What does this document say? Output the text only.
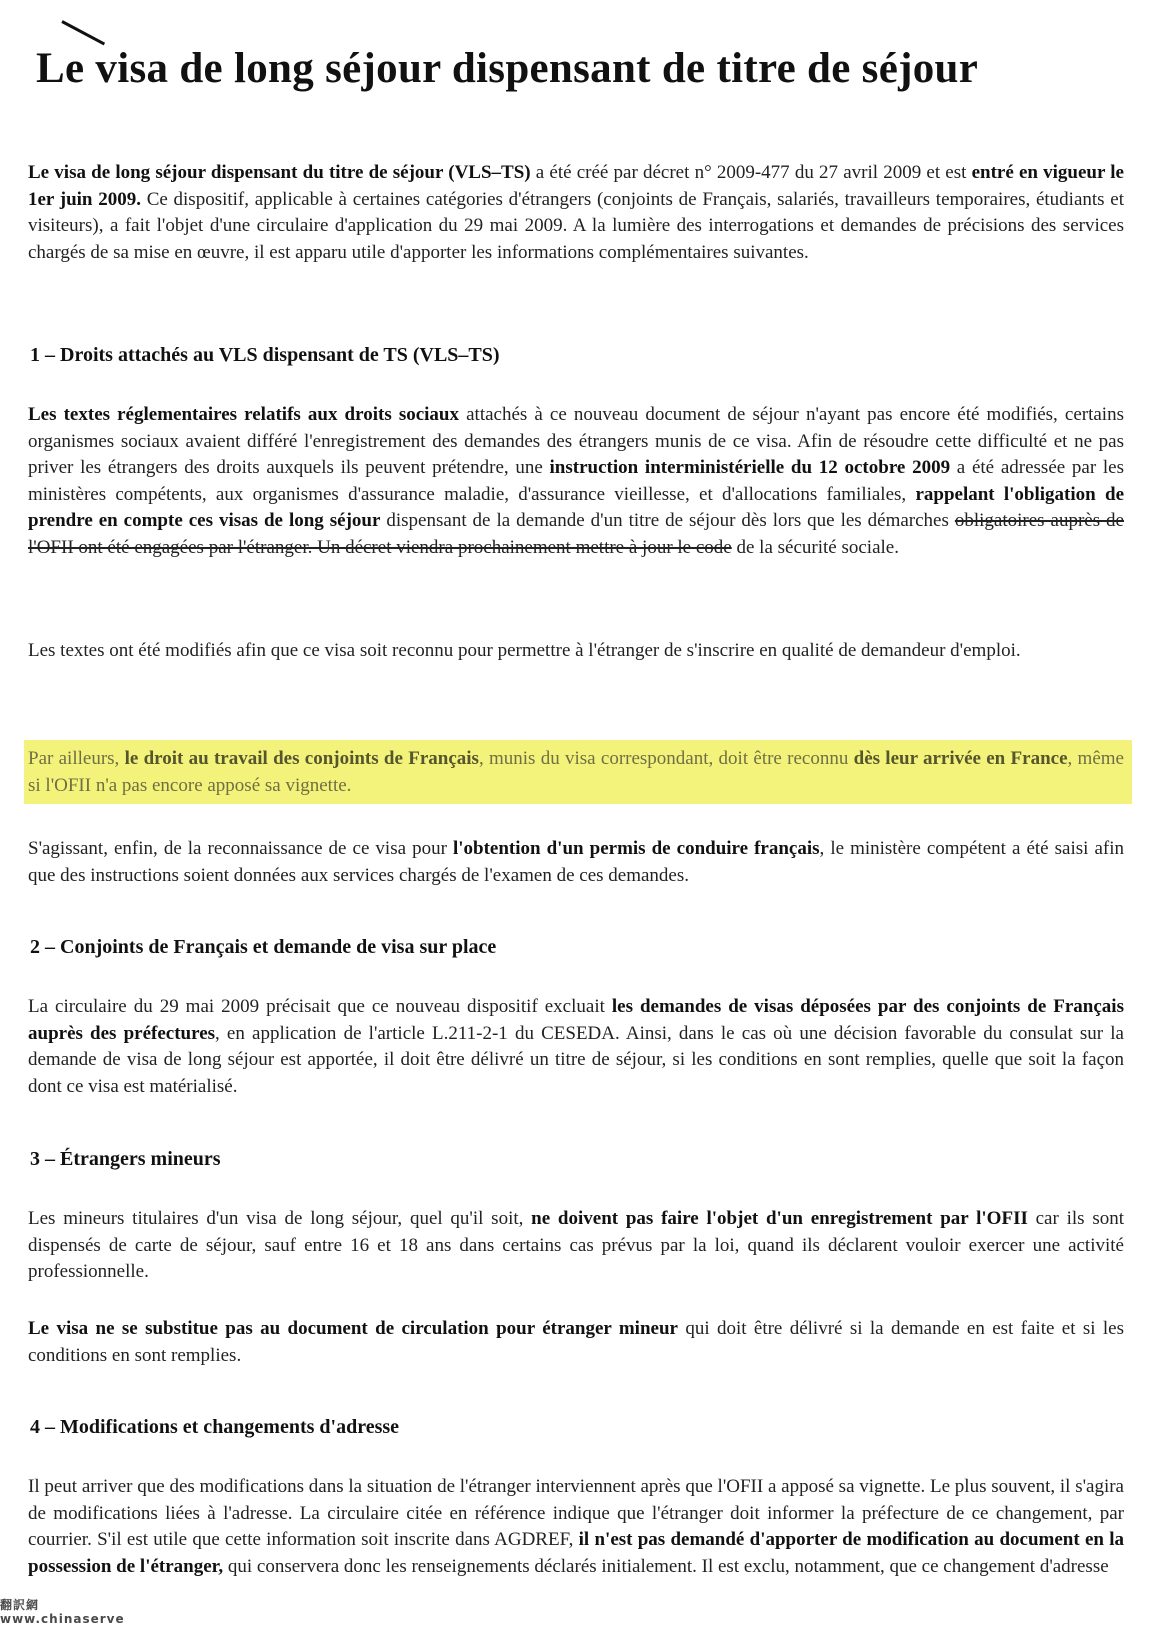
Le visa de long séjour dispensant de titre de séjour

Le visa de long séjour dispensant du titre de séjour (VLS–TS) a été créé par décret n° 2009-477 du 27 avril 2009 et est entré en vigueur le 1er juin 2009. Ce dispositif, applicable à certaines catégories d'étrangers (conjoints de Français, salariés, travailleurs temporaires, étudiants et visiteurs), a fait l'objet d'une circulaire d'application du 29 mai 2009. A la lumière des interrogations et demandes de précisions des services chargés de sa mise en œuvre, il est apparu utile d'apporter les informations complémentaires suivantes.

1 – Droits attachés au VLS dispensant de TS (VLS–TS)

Les textes réglementaires relatifs aux droits sociaux attachés à ce nouveau document de séjour n'ayant pas encore été modifiés, certains organismes sociaux avaient différé l'enregistrement des demandes des étrangers munis de ce visa. Afin de résoudre cette difficulté et ne pas priver les étrangers des droits auxquels ils peuvent prétendre, une instruction interministérielle du 12 octobre 2009 a été adressée par les ministères compétents, aux organismes d'assurance maladie, d'assurance vieillesse, et d'allocations familiales, rappelant l'obligation de prendre en compte ces visas de long séjour dispensant de la demande d'un titre de séjour dès lors que les démarches obligatoires auprès de l'OFII ont été engagées par l'étranger. Un décret viendra prochainement mettre à jour le code de la sécurité sociale.

Les textes ont été modifiés afin que ce visa soit reconnu pour permettre à l'étranger de s'inscrire en qualité de demandeur d'emploi.

Par ailleurs, le droit au travail des conjoints de Français, munis du visa correspondant, doit être reconnu dès leur arrivée en France, même si l'OFII n'a pas encore apposé sa vignette.

S'agissant, enfin, de la reconnaissance de ce visa pour l'obtention d'un permis de conduire français, le ministère compétent a été saisi afin que des instructions soient données aux services chargés de l'examen de ces demandes.

2 – Conjoints de Français et demande de visa sur place

La circulaire du 29 mai 2009 précisait que ce nouveau dispositif excluait les demandes de visas déposées par des conjoints de Français auprès des préfectures, en application de l'article L.211-2-1 du CESEDA. Ainsi, dans le cas où une décision favorable du consulat sur la demande de visa de long séjour est apportée, il doit être délivré un titre de séjour, si les conditions en sont remplies, quelle que soit la façon dont ce visa est matérialisé.

3 – Étrangers mineurs

Les mineurs titulaires d'un visa de long séjour, quel qu'il soit, ne doivent pas faire l'objet d'un enregistrement par l'OFII car ils sont dispensés de carte de séjour, sauf entre 16 et 18 ans dans certains cas prévus par la loi, quand ils déclarent vouloir exercer une activité professionnelle.

Le visa ne se substitue pas au document de circulation pour étranger mineur qui doit être délivré si la demande en est faite et si les conditions en sont remplies.

4 – Modifications et changements d'adresse

Il peut arriver que des modifications dans la situation de l'étranger interviennent après que l'OFII a apposé sa vignette. Le plus souvent, il s'agira de modifications liées à l'adresse. La circulaire citée en référence indique que l'étranger doit informer la préfecture de ce changement, par courrier. S'il est utile que cette information soit inscrite dans AGDREF, il n'est pas demandé d'apporter de modification au document en la possession de l'étranger, qui conservera donc les renseignements déclarés initialement. Il est exclu, notamment, que ce changement d'adresse

翻訳網
www.chinaserve
